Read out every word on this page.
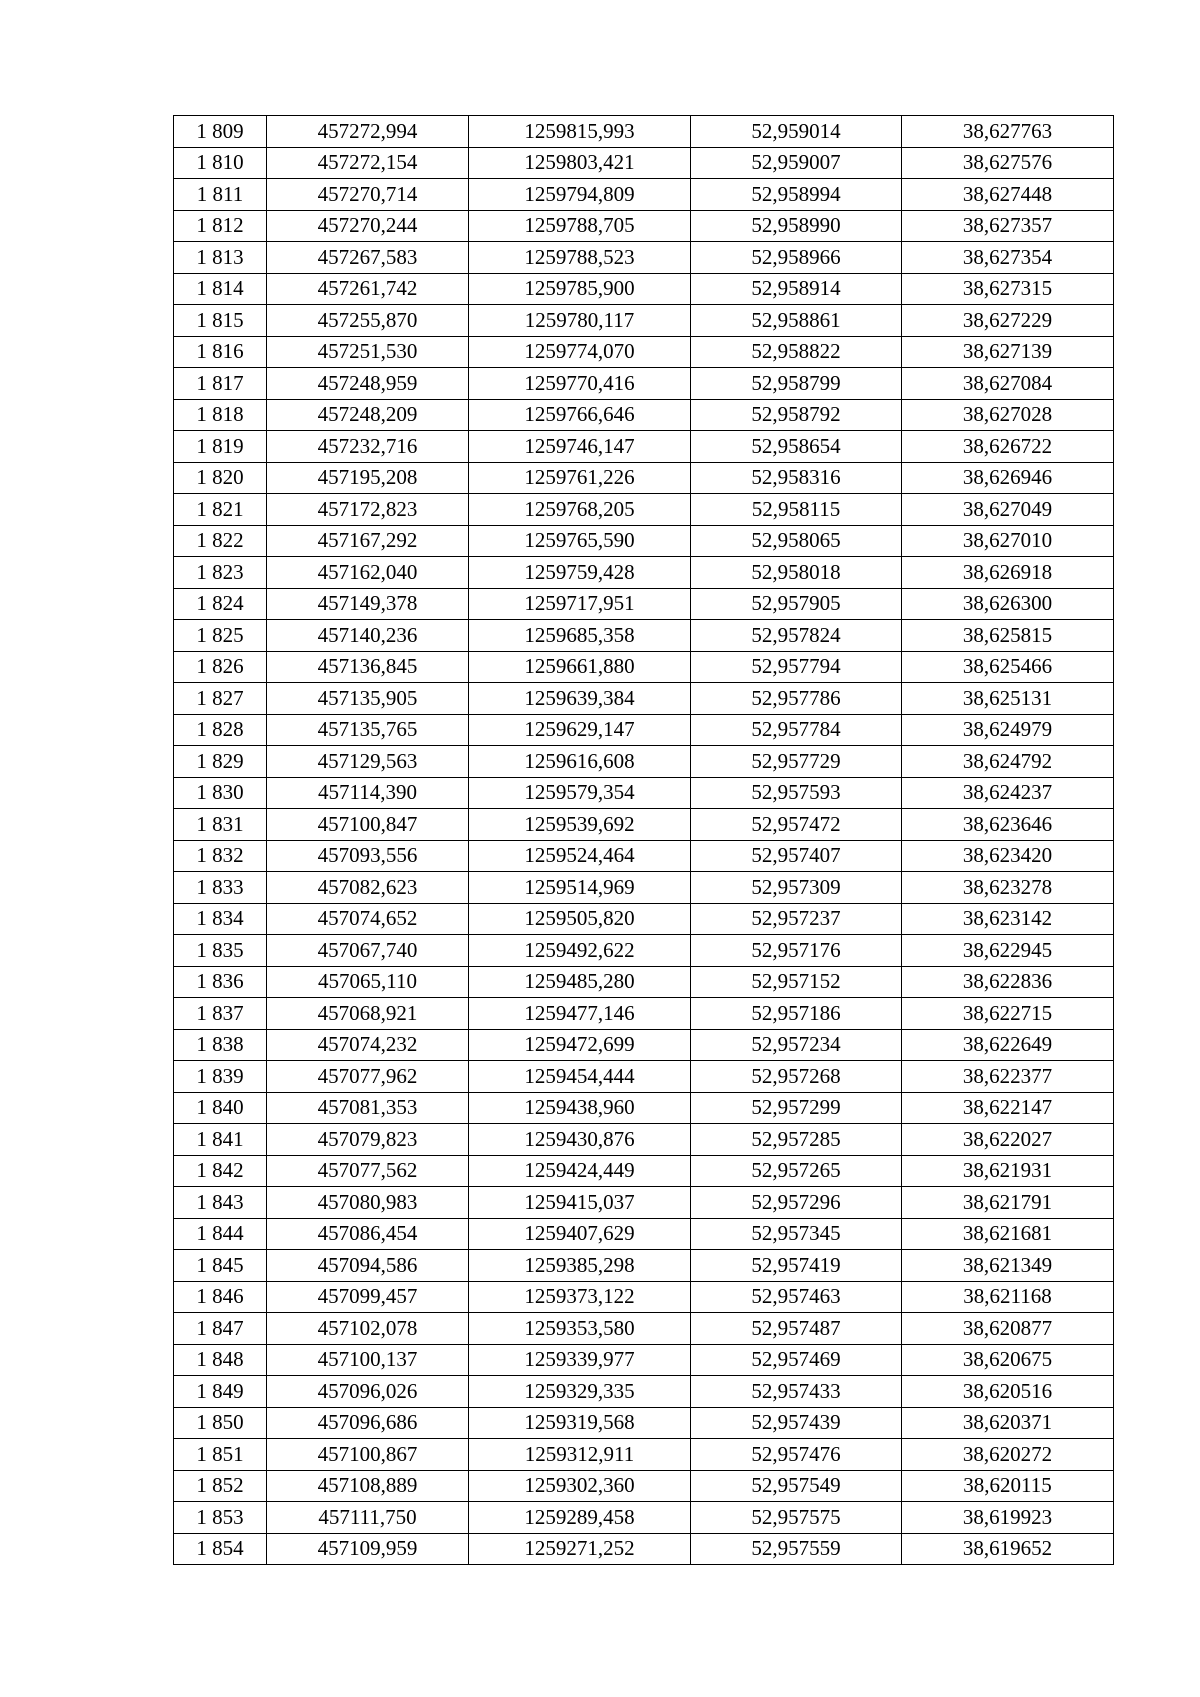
1 809	457272,994	1259815,993	52,959014	38,627763
1 810	457272,154	1259803,421	52,959007	38,627576
1 811	457270,714	1259794,809	52,958994	38,627448
1 812	457270,244	1259788,705	52,958990	38,627357
1 813	457267,583	1259788,523	52,958966	38,627354
1 814	457261,742	1259785,900	52,958914	38,627315
1 815	457255,870	1259780,117	52,958861	38,627229
1 816	457251,530	1259774,070	52,958822	38,627139
1 817	457248,959	1259770,416	52,958799	38,627084
1 818	457248,209	1259766,646	52,958792	38,627028
1 819	457232,716	1259746,147	52,958654	38,626722
1 820	457195,208	1259761,226	52,958316	38,626946
1 821	457172,823	1259768,205	52,958115	38,627049
1 822	457167,292	1259765,590	52,958065	38,627010
1 823	457162,040	1259759,428	52,958018	38,626918
1 824	457149,378	1259717,951	52,957905	38,626300
1 825	457140,236	1259685,358	52,957824	38,625815
1 826	457136,845	1259661,880	52,957794	38,625466
1 827	457135,905	1259639,384	52,957786	38,625131
1 828	457135,765	1259629,147	52,957784	38,624979
1 829	457129,563	1259616,608	52,957729	38,624792
1 830	457114,390	1259579,354	52,957593	38,624237
1 831	457100,847	1259539,692	52,957472	38,623646
1 832	457093,556	1259524,464	52,957407	38,623420
1 833	457082,623	1259514,969	52,957309	38,623278
1 834	457074,652	1259505,820	52,957237	38,623142
1 835	457067,740	1259492,622	52,957176	38,622945
1 836	457065,110	1259485,280	52,957152	38,622836
1 837	457068,921	1259477,146	52,957186	38,622715
1 838	457074,232	1259472,699	52,957234	38,622649
1 839	457077,962	1259454,444	52,957268	38,622377
1 840	457081,353	1259438,960	52,957299	38,622147
1 841	457079,823	1259430,876	52,957285	38,622027
1 842	457077,562	1259424,449	52,957265	38,621931
1 843	457080,983	1259415,037	52,957296	38,621791
1 844	457086,454	1259407,629	52,957345	38,621681
1 845	457094,586	1259385,298	52,957419	38,621349
1 846	457099,457	1259373,122	52,957463	38,621168
1 847	457102,078	1259353,580	52,957487	38,620877
1 848	457100,137	1259339,977	52,957469	38,620675
1 849	457096,026	1259329,335	52,957433	38,620516
1 850	457096,686	1259319,568	52,957439	38,620371
1 851	457100,867	1259312,911	52,957476	38,620272
1 852	457108,889	1259302,360	52,957549	38,620115
1 853	457111,750	1259289,458	52,957575	38,619923
1 854	457109,959	1259271,252	52,957559	38,619652
